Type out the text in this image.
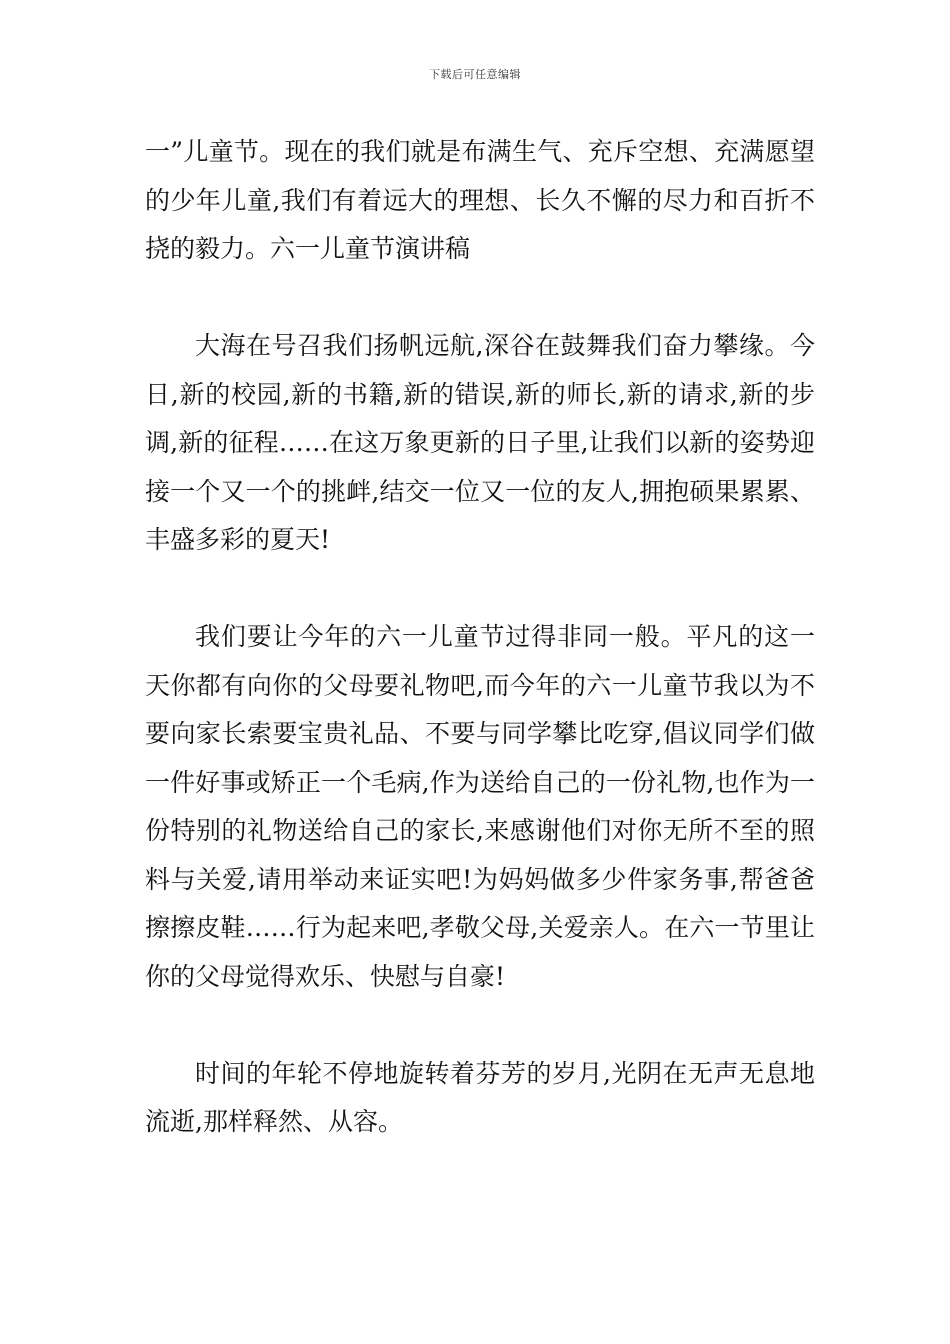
下载后可任意编辑

一”儿童节。现在的我们就是布满生气、充斥空想、充满愿望的少年儿童,我们有着远大的理想、长久不懈的尽力和百折不挠的毅力。六一儿童节演讲稿

大海在号召我们扬帆远航,深谷在鼓舞我们奋力攀缘。今日,新的校园,新的书籍,新的错误,新的师长,新的请求,新的步调,新的征程……在这万象更新的日子里,让我们以新的姿势迎接一个又一个的挑衅,结交一位又一位的友人,拥抱硕果累累、丰盛多彩的夏天!

我们要让今年的六一儿童节过得非同一般。平凡的这一天你都有向你的父母要礼物吧,而今年的六一儿童节我以为不要向家长索要宝贵礼品、不要与同学攀比吃穿,倡议同学们做一件好事或矫正一个毛病,作为送给自己的一份礼物,也作为一份特别的礼物送给自己的家长,来感谢他们对你无所不至的照料与关爱,请用举动来证实吧!为妈妈做多少件家务事,帮爸爸擦擦皮鞋……行为起来吧,孝敬父母,关爱亲人。在六一节里让你的父母觉得欢乐、快慰与自豪!

时间的年轮不停地旋转着芬芳的岁月,光阴在无声无息地流逝,那样释然、从容。
